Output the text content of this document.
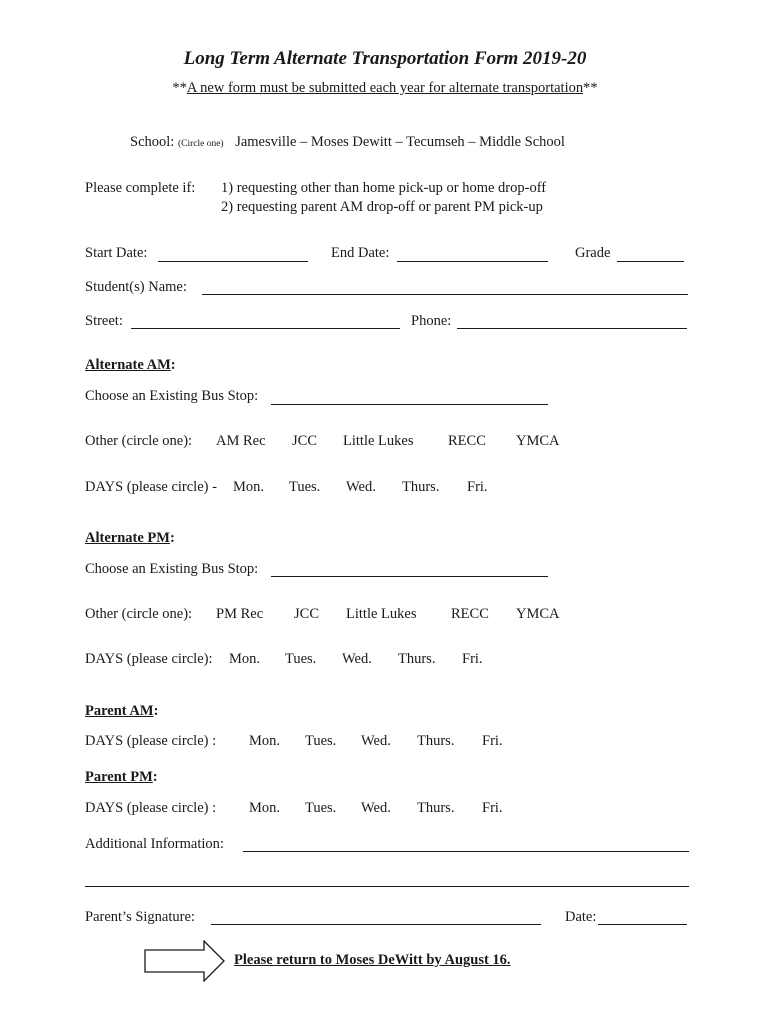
Long Term Alternate Transportation Form 2019-20
**A new form must be submitted each year for alternate transportation**
School: (Circle one) Jamesville – Moses Dewitt – Tecumseh – Middle School
Please complete if: 1) requesting other than home pick-up or home drop-off
2) requesting parent AM drop-off or parent PM pick-up
Start Date:	End Date:	Grade
Student(s) Name:
Street:	Phone:
Alternate AM:
Choose an Existing Bus Stop:
Other (circle one): AM Rec JCC Little Lukes RECC YMCA
DAYS (please circle) - Mon. Tues. Wed. Thurs. Fri.
Alternate PM:
Choose an Existing Bus Stop:
Other (circle one): PM Rec JCC Little Lukes RECC YMCA
DAYS (please circle): Mon. Tues. Wed. Thurs. Fri.
Parent AM:
DAYS (please circle) : Mon. Tues. Wed. Thurs. Fri.
Parent PM:
DAYS (please circle) : Mon. Tues. Wed. Thurs. Fri.
Additional Information:
Parent’s Signature:	Date:
Please return to Moses DeWitt by August 16.
